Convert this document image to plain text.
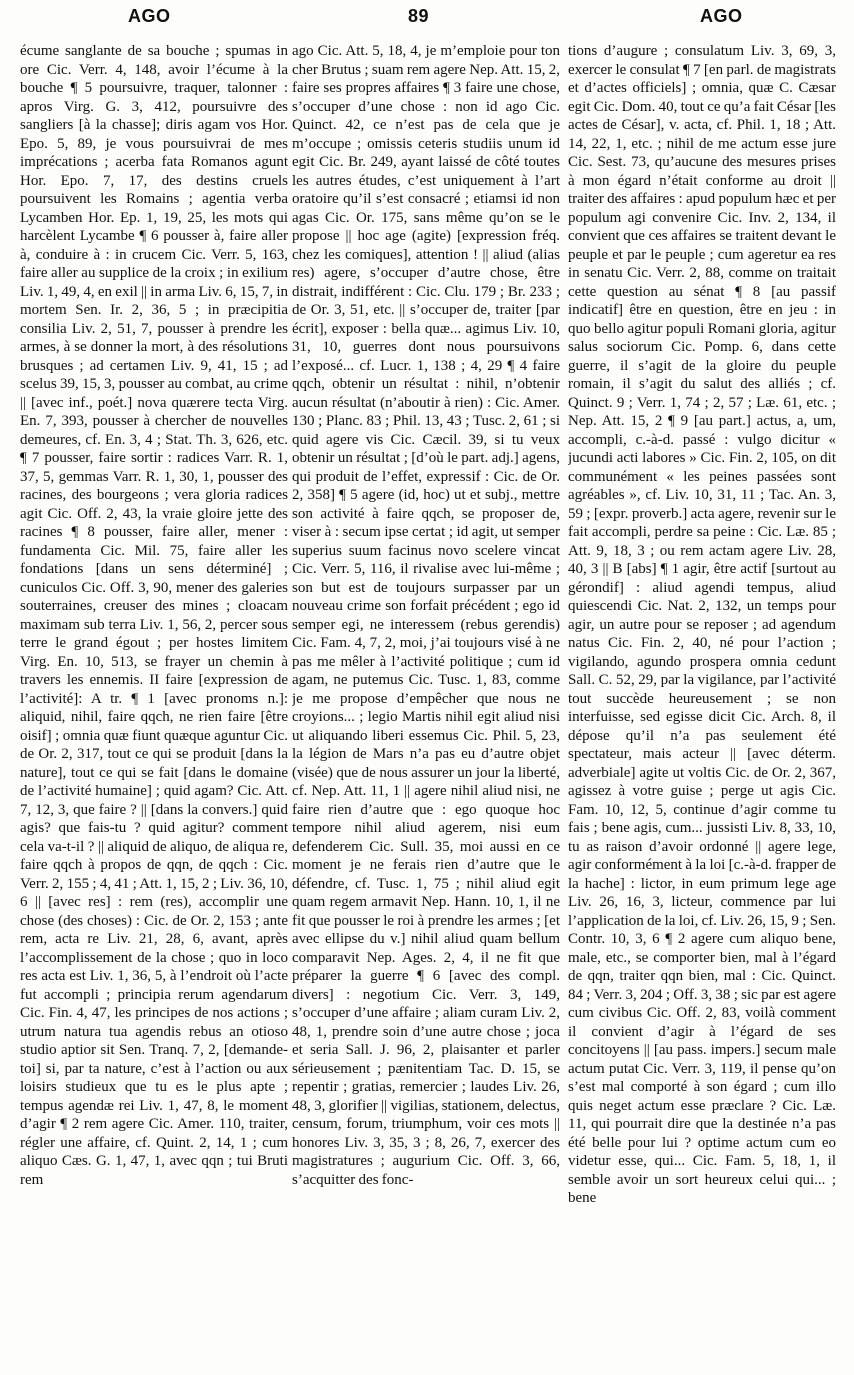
AGO	89	AGO

écume sanglante de sa bouche ; spumas in ore Cic. Verr. 4, 148, avoir l’écume à la bouche ¶ 5 poursuivre, traquer, talonner : apros Virg. G. 3, 412, poursuivre des sangliers [à la chasse]; diris agam vos Hor. Epo. 5, 89, je vous poursuivrai de mes imprécations ; acerba fata Romanos agunt Hor. Epo. 7, 17, des destins cruels poursuivent les Romains ; agentia verba Lycamben Hor. Ep. 1, 19, 25, les mots qui harcèlent Lycambe ¶ 6 pousser à, faire aller à, conduire à : in crucem Cic. Verr. 5, 163, faire aller au supplice de la croix ; in exilium Liv. 1, 49, 4, en exil || in arma Liv. 6, 15, 7, in mortem Sen. Ir. 2, 36, 5 ; in præcipitia consilia Liv. 2, 51, 7, pousser à prendre les armes, à se donner la mort, à des résolutions brusques ; ad certamen Liv. 9, 41, 15 ; ad scelus 39, 15, 3, pousser au combat, au crime || [avec inf., poét.] nova quærere tecta Virg. En. 7, 393, pousser à chercher de nouvelles demeures, cf. En. 3, 4 ; Stat. Th. 3, 626, etc. ¶ 7 pousser, faire sortir : radices Varr. R. 1, 37, 5, gemmas Varr. R. 1, 30, 1, pousser des racines, des bourgeons ; vera gloria radices agit Cic. Off. 2, 43, la vraie gloire jette des racines ¶ 8 pousser, faire aller, mener : fundamenta Cic. Mil. 75, faire aller les fondations [dans un sens déterminé] ; cuniculos Cic. Off. 3, 90, mener des galeries souterraines, creuser des mines ; cloacam maximam sub terra Liv. 1, 56, 2, percer sous terre le grand égout ; per hostes limitem Virg. En. 10, 513, se frayer un chemin à travers les ennemis. II faire [expression de l’activité]: A tr. ¶ 1 [avec pronoms n.]: aliquid, nihil, faire qqch, ne rien faire [être oisif] ; omnia quæ fiunt quæque aguntur Cic. de Or. 2, 317, tout ce qui se produit [dans la nature], tout ce qui se fait [dans le domaine de l’activité humaine] ; quid agam? Cic. Att. 7, 12, 3, que faire ? || [dans la convers.] quid agis? que fais-tu ? quid agitur? comment cela va-t-il ? || aliquid de aliquo, de aliqua re, faire qqch à propos de qqn, de qqch : Cic. Verr. 2, 155 ; 4, 41 ; Att. 1, 15, 2 ; Liv. 36, 10, 6 || [avec res] : rem (res), accomplir une chose (des choses) : Cic. de Or. 2, 153 ; ante rem, acta re Liv. 21, 28, 6, avant, après l’accomplissement de la chose ; quo in loco res acta est Liv. 1, 36, 5, à l’endroit où l’acte fut accompli ; principia rerum agendarum Cic. Fin. 4, 47, les principes de nos actions ; utrum natura tua agendis rebus an otioso studio aptior sit Sen. Tranq. 7, 2, [demande-toi] si, par ta nature, c’est à l’action ou aux loisirs studieux que tu es le plus apte ; tempus agendæ rei Liv. 1, 47, 8, le moment d’agir ¶ 2 rem agere Cic. Amer. 110, traiter, régler une affaire, cf. Quint. 2, 14, 1 ; cum aliquo Cæs. G. 1, 47, 1, avec qqn ; tui Bruti rem

ago Cic. Att. 5, 18, 4, je m’emploie pour ton cher Brutus ; suam rem agere Nep. Att. 15, 2, faire ses propres affaires ¶ 3 faire une chose, s’occuper d’une chose : non id ago Cic. Quinct. 42, ce n’est pas de cela que je m’occupe ; omissis ceteris studiis unum id egit Cic. Br. 249, ayant laissé de côté toutes les autres études, c’est uniquement à l’art oratoire qu’il s’est consacré ; etiamsi id non agas Cic. Or. 175, sans même qu’on se le propose || hoc age (agite) [expression fréq. chez les comiques], attention ! || aliud (alias res) agere, s’occuper d’autre chose, être distrait, indifférent : Cic. Clu. 179 ; Br. 233 ; de Or. 3, 51, etc. || s’occuper de, traiter [par écrit], exposer : bella quæ... agimus Liv. 10, 31, 10, guerres dont nous poursuivons l’exposé... cf. Lucr. 1, 138 ; 4, 29 ¶ 4 faire qqch, obtenir un résultat : nihil, n’obtenir aucun résultat (n’aboutir à rien) : Cic. Amer. 130 ; Planc. 83 ; Phil. 13, 43 ; Tusc. 2, 61 ; si quid agere vis Cic. Cæcil. 39, si tu veux obtenir un résultat ; [d’où le part. adj.] agens, qui produit de l’effet, expressif : Cic. de Or. 2, 358] ¶ 5 agere (id, hoc) ut et subj., mettre son activité à faire qqch, se proposer de, viser à : secum ipse certat ; id agit, ut semper superius suum facinus novo scelere vincat Cic. Verr. 5, 116, il rivalise avec lui-même ; son but est de toujours surpasser par un nouveau crime son forfait précédent ; ego id semper egi, ne interessem (rebus gerendis) Cic. Fam. 4, 7, 2, moi, j’ai toujours visé à ne pas me mêler à l’activité politique ; cum id agam, ne putemus Cic. Tusc. 1, 83, comme je me propose d’empêcher que nous ne croyions... ; legio Martis nihil egit aliud nisi ut aliquando liberi essemus Cic. Phil. 5, 23, la légion de Mars n’a pas eu d’autre objet (visée) que de nous assurer un jour la liberté, cf. Nep. Att. 11, 1 || agere nihil aliud nisi, ne faire rien d’autre que : ego quoque hoc tempore nihil aliud agerem, nisi eum defenderem Cic. Sull. 35, moi aussi en ce moment je ne ferais rien d’autre que le défendre, cf. Tusc. 1, 75 ; nihil aliud egit quam regem armavit Nep. Hann. 10, 1, il ne fit que pousser le roi à prendre les armes ; [et avec ellipse du v.] nihil aliud quam bellum comparavit Nep. Ages. 2, 4, il ne fit que préparer la guerre ¶ 6 [avec des compl. divers] : negotium Cic. Verr. 3, 149, s’occuper d’une affaire ; aliam curam Liv. 2, 48, 1, prendre soin d’une autre chose ; joca et seria Sall. J. 96, 2, plaisanter et parler sérieusement ; pænitentiam Tac. D. 15, se repentir ; gratias, remercier ; laudes Liv. 26, 48, 3, glorifier || vigilias, stationem, delectus, censum, forum, triumphum, voir ces mots || honores Liv. 3, 35, 3 ; 8, 26, 7, exercer des magistratures ; augurium Cic. Off. 3, 66, s’acquitter des fonc-

tions d’augure ; consulatum Liv. 3, 69, 3, exercer le consulat ¶ 7 [en parl. de magistrats et d’actes officiels] ; omnia, quæ C. Cæsar egit Cic. Dom. 40, tout ce qu’a fait César [les actes de César], v. acta, cf. Phil. 1, 18 ; Att. 14, 22, 1, etc. ; nihil de me actum esse jure Cic. Sest. 73, qu’aucune des mesures prises à mon égard n’était conforme au droit || traiter des affaires : apud populum hæc et per populum agi convenire Cic. Inv. 2, 134, il convient que ces affaires se traitent devant le peuple et par le peuple ; cum ageretur ea res in senatu Cic. Verr. 2, 88, comme on traitait cette question au sénat ¶ 8 [au passif indicatif] être en question, être en jeu : in quo bello agitur populi Romani gloria, agitur salus sociorum Cic. Pomp. 6, dans cette guerre, il s’agit de la gloire du peuple romain, il s’agit du salut des alliés ; cf. Quinct. 9 ; Verr. 1, 74 ; 2, 57 ; Læ. 61, etc. ; Nep. Att. 15, 2 ¶ 9 [au part.] actus, a, um, accompli, c.-à-d. passé : vulgo dicitur « jucundi acti labores » Cic. Fin. 2, 105, on dit communément « les peines passées sont agréables », cf. Liv. 10, 31, 11 ; Tac. An. 3, 59 ; [expr. proverb.] acta agere, revenir sur le fait accompli, perdre sa peine : Cic. Læ. 85 ; Att. 9, 18, 3 ; ou rem actam agere Liv. 28, 40, 3 || B [abs] ¶ 1 agir, être actif [surtout au gérondif] : aliud agendi tempus, aliud quiescendi Cic. Nat. 2, 132, un temps pour agir, un autre pour se reposer ; ad agendum natus Cic. Fin. 2, 40, né pour l’action ; vigilando, agundo prospera omnia cedunt Sall. C. 52, 29, par la vigilance, par l’activité tout succède heureusement ; se non interfuisse, sed egisse dicit Cic. Arch. 8, il dépose qu’il n’a pas seulement été spectateur, mais acteur || [avec déterm. adverbiale] agite ut voltis Cic. de Or. 2, 367, agissez à votre guise ; perge ut agis Cic. Fam. 10, 12, 5, continue d’agir comme tu fais ; bene agis, cum... jussisti Liv. 8, 33, 10, tu as raison d’avoir ordonné || agere lege, agir conformément à la loi [c.-à-d. frapper de la hache] : lictor, in eum primum lege age Liv. 26, 16, 3, licteur, commence par lui l’application de la loi, cf. Liv. 26, 15, 9 ; Sen. Contr. 10, 3, 6 ¶ 2 agere cum aliquo bene, male, etc., se comporter bien, mal à l’égard de qqn, traiter qqn bien, mal : Cic. Quinct. 84 ; Verr. 3, 204 ; Off. 3, 38 ; sic par est agere cum civibus Cic. Off. 2, 83, voilà comment il convient d’agir à l’égard de ses concitoyens || [au pass. impers.] secum male actum putat Cic. Verr. 3, 119, il pense qu’on s’est mal comporté à son égard ; cum illo quis neget actum esse præclare ? Cic. Læ. 11, qui pourrait dire que la destinée n’a pas été belle pour lui ? optime actum cum eo videtur esse, qui... Cic. Fam. 5, 18, 1, il semble avoir un sort heureux celui qui... ; bene
